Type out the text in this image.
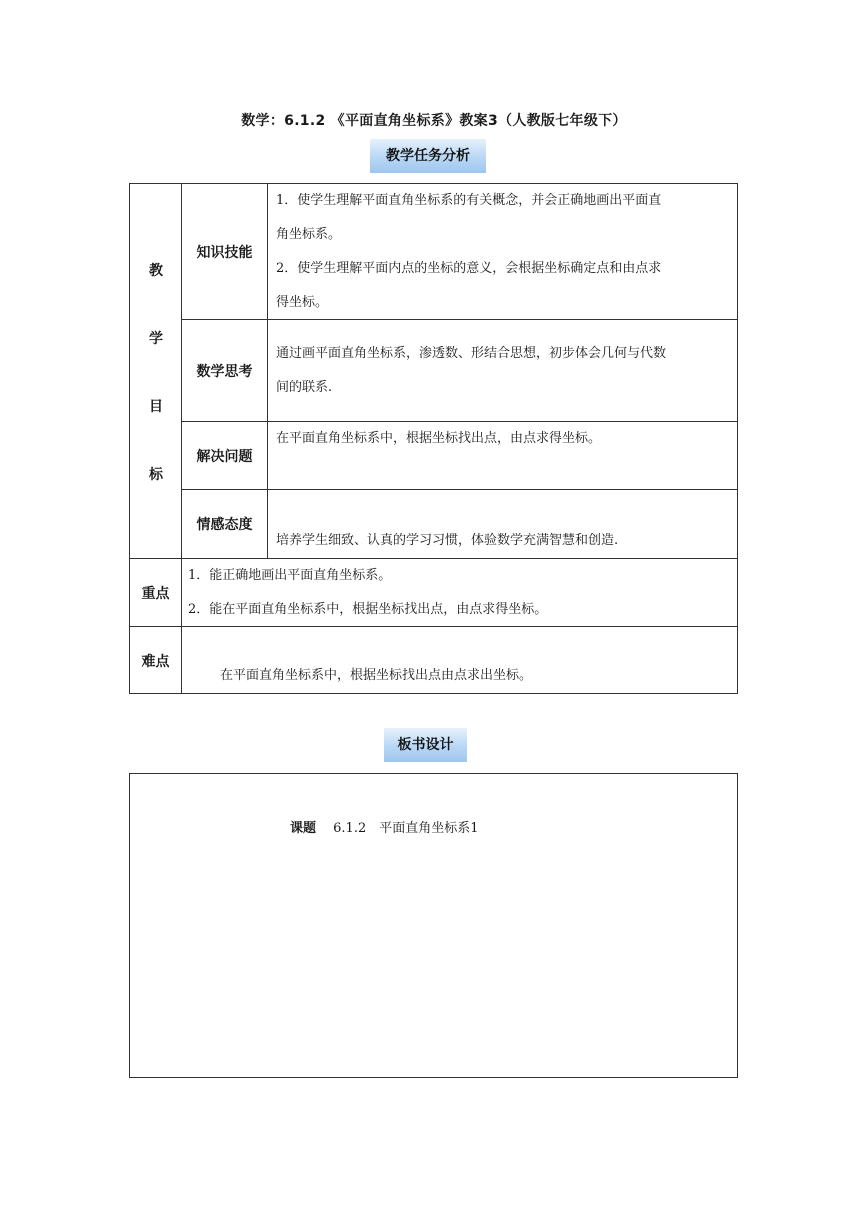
数学：6.1.2 《平面直角坐标系》教案3（人教版七年级下）
教学任务分析
教
学
目
标
知识技能
1．使学生理解平面直角坐标系的有关概念，并会正确地画出平面直
角坐标系。
2．使学生理解平面内点的坐标的意义，会根据坐标确定点和由点求
得坐标。
数学思考
通过画平面直角坐标系，渗透数、形结合思想，初步体会几何与代数
间的联系.
解决问题
在平面直角坐标系中，根据坐标找出点，由点求得坐标。
情感态度
培养学生细致、认真的学习习惯，体验数学充满智慧和创造.
重点
1．能正确地画出平面直角坐标系。
2．能在平面直角坐标系中，根据坐标找出点，由点求得坐标。
难点
在平面直角坐标系中，根据坐标找出点由点求出坐标。
板书设计
课题　 6.1.2　平面直角坐标系1
